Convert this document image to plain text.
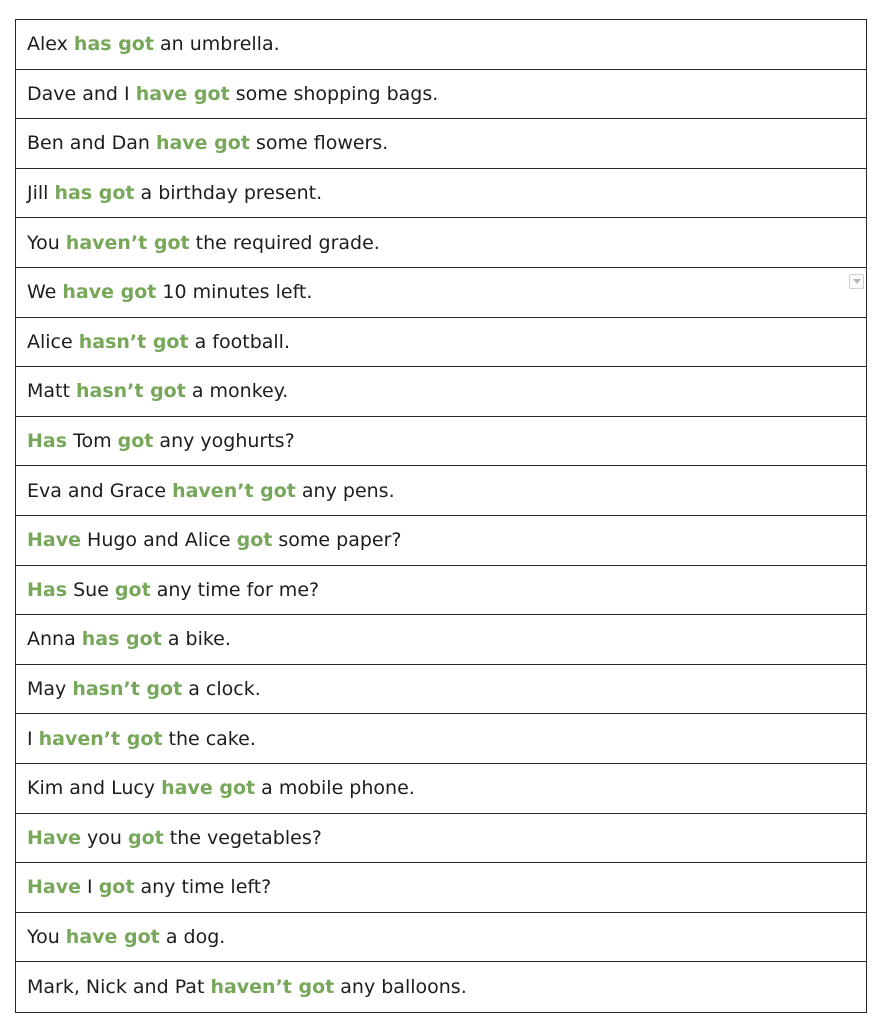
Alex has got an umbrella.
Dave and I have got some shopping bags.
Ben and Dan have got some flowers.
Jill has got a birthday present.
You haven’t got the required grade.
We have got 10 minutes left.
Alice hasn’t got a football.
Matt hasn’t got a monkey.
Has Tom got any yoghurts?
Eva and Grace haven’t got any pens.
Have Hugo and Alice got some paper?
Has Sue got any time for me?
Anna has got a bike.
May hasn’t got a clock.
I haven’t got the cake.
Kim and Lucy have got a mobile phone.
Have you got the vegetables?
Have I got any time left?
You have got a dog.
Mark, Nick and Pat haven’t got any balloons.
